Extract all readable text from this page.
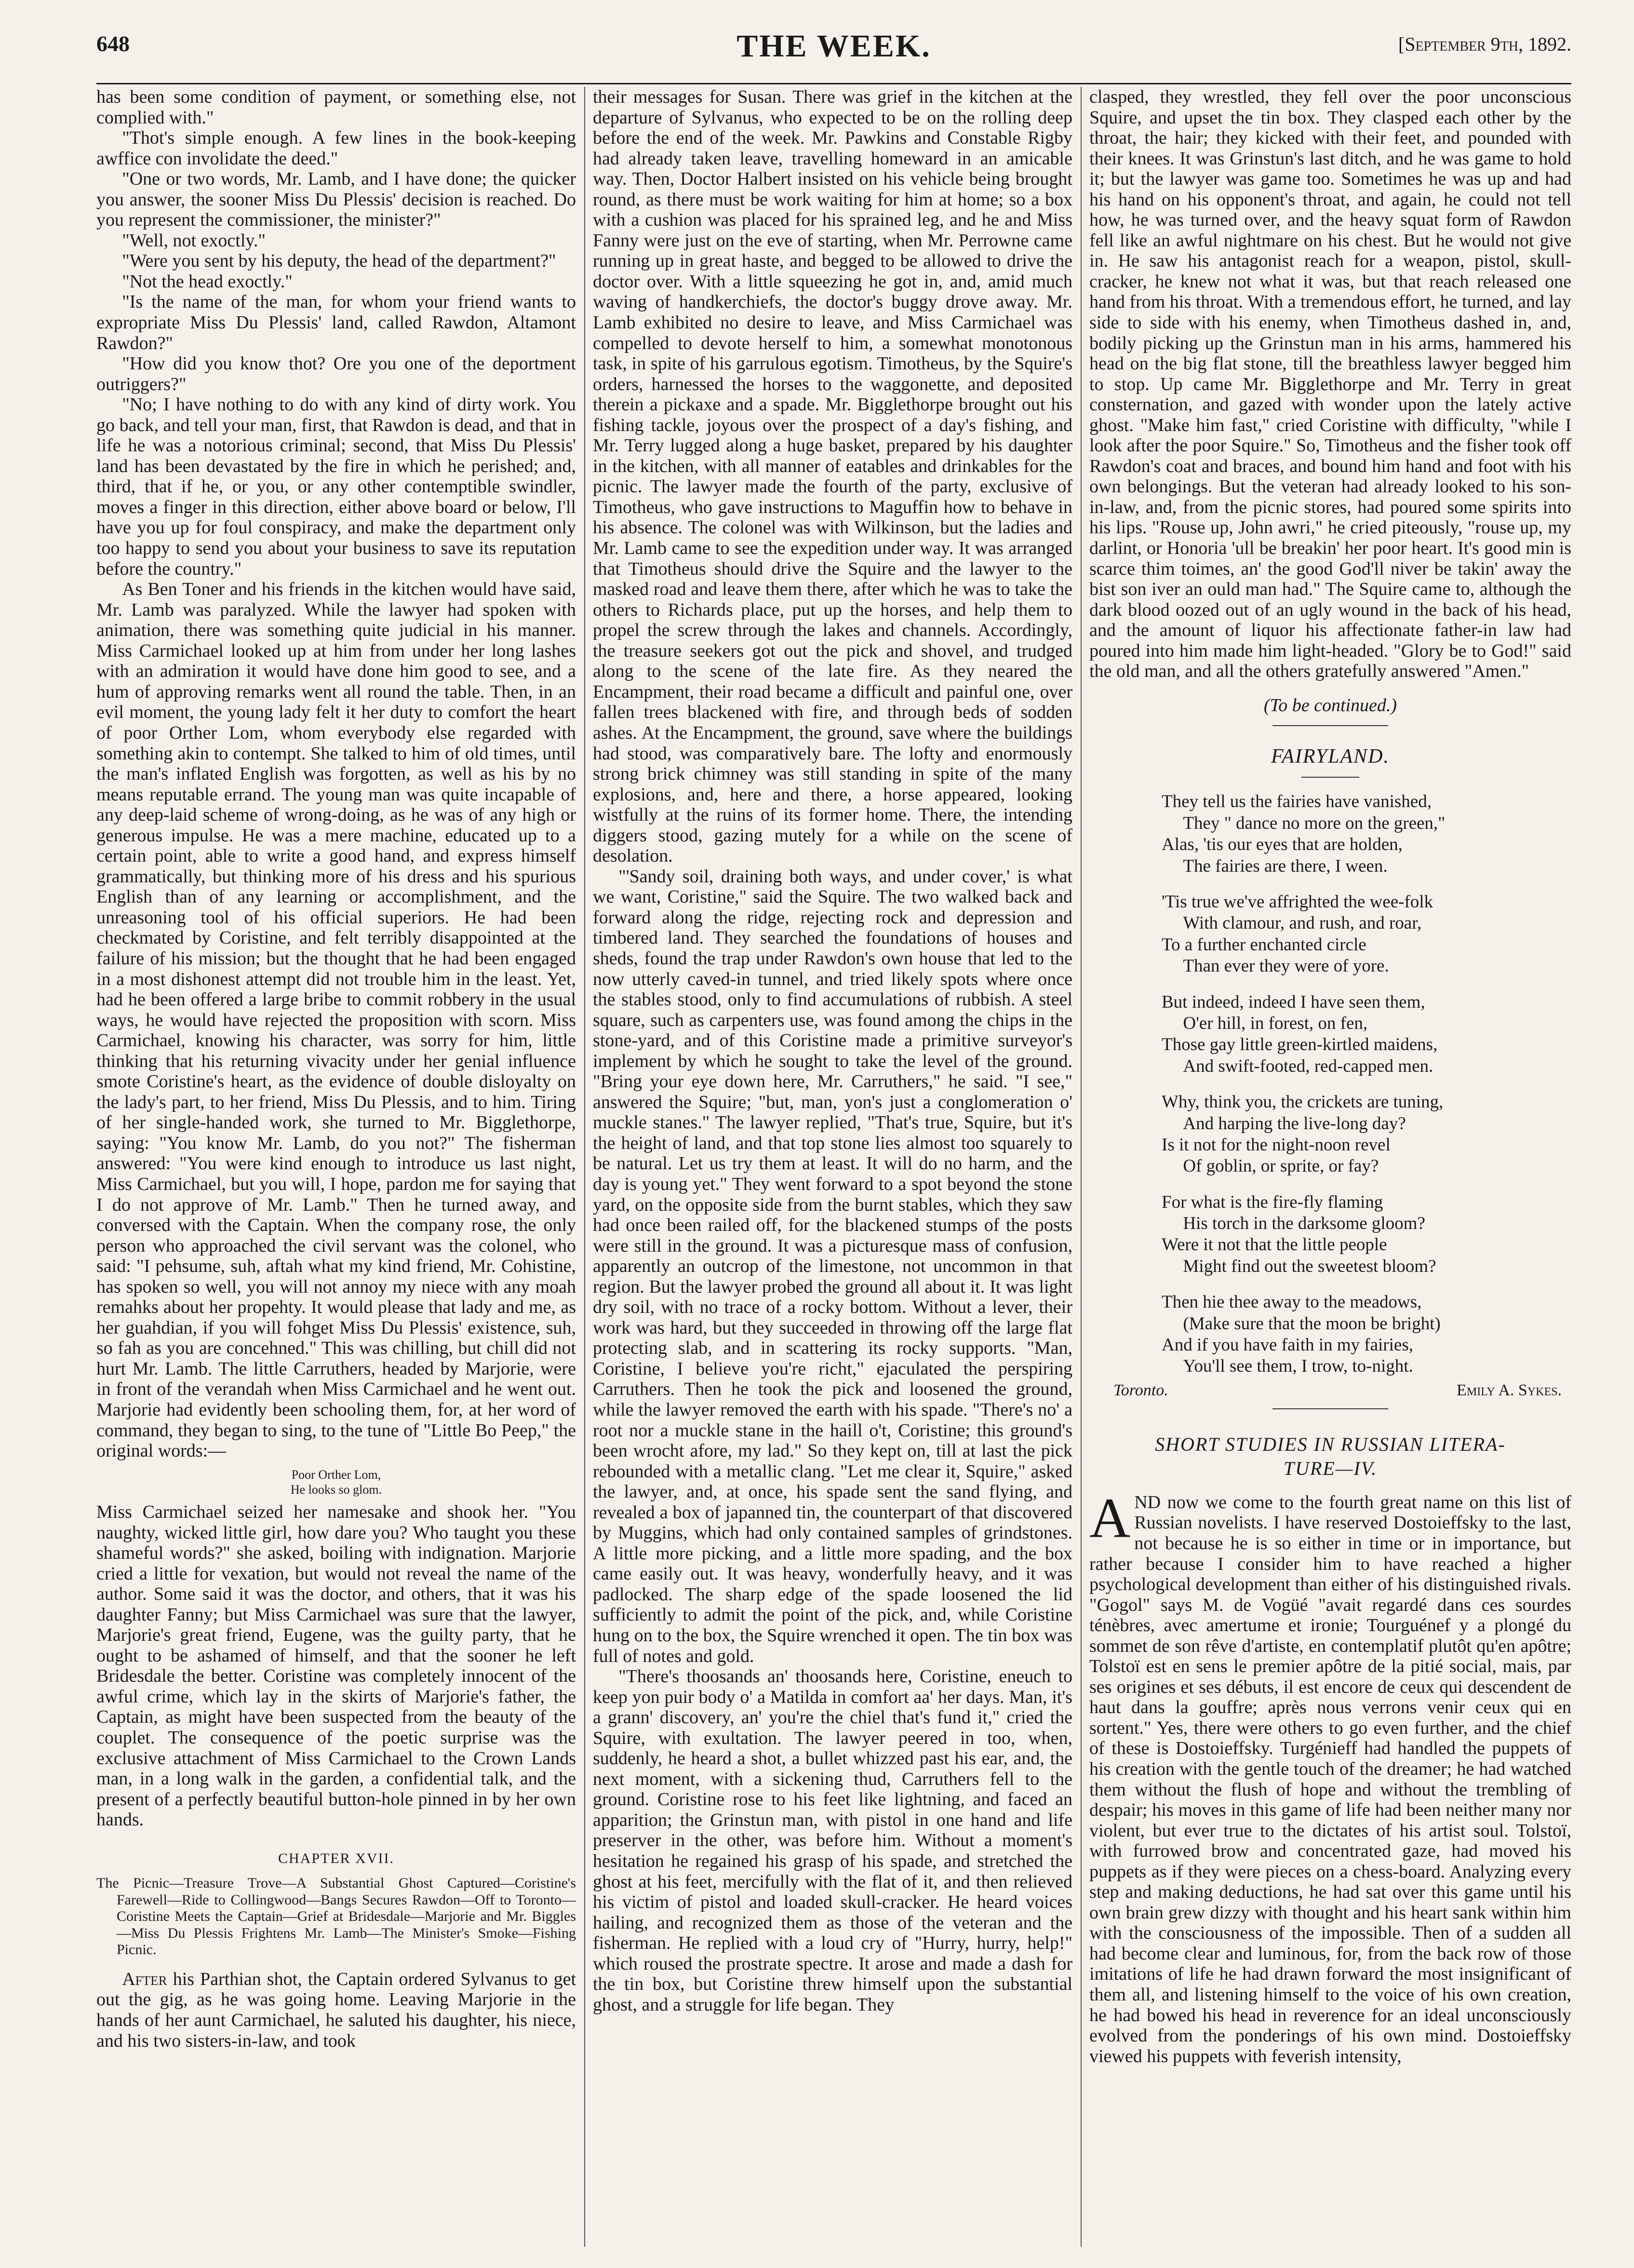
648	THE WEEK.	[September 9th, 1892.

has been some condition of payment, or something else, not complied with."

"Thot's simple enough. A few lines in the book-keeping awffice con involidate the deed."

"One or two words, Mr. Lamb, and I have done; the quicker you answer, the sooner Miss Du Plessis' decision is reached. Do you represent the commissioner, the minister?"

"Well, not exoctly."

"Were you sent by his deputy, the head of the department?"

"Not the head exoctly."

"Is the name of the man, for whom your friend wants to expropriate Miss Du Plessis' land, called Rawdon, Altamont Rawdon?"

"How did you know thot? Ore you one of the deportment outriggers?"

"No; I have nothing to do with any kind of dirty work. You go back, and tell your man, first, that Rawdon is dead, and that in life he was a notorious criminal; second, that Miss Du Plessis' land has been devastated by the fire in which he perished; and, third, that if he, or you, or any other contemptible swindler, moves a finger in this direction, either above board or below, I'll have you up for foul conspiracy, and make the department only too happy to send you about your business to save its reputation before the country."

As Ben Toner and his friends in the kitchen would have said, Mr. Lamb was paralyzed. While the lawyer had spoken with animation, there was something quite judicial in his manner. Miss Carmichael looked up at him from under her long lashes with an admiration it would have done him good to see, and a hum of approving remarks went all round the table. Then, in an evil moment, the young lady felt it her duty to comfort the heart of poor Orther Lom, whom everybody else regarded with something akin to contempt. She talked to him of old times, until the man's inflated English was forgotten, as well as his by no means reputable errand. The young man was quite incapable of any deep-laid scheme of wrong-doing, as he was of any high or generous impulse. He was a mere machine, educated up to a certain point, able to write a good hand, and express himself grammatically, but thinking more of his dress and his spurious English than of any learning or accomplishment, and the unreasoning tool of his official superiors. He had been checkmated by Coristine, and felt terribly disappointed at the failure of his mission; but the thought that he had been engaged in a most dishonest attempt did not trouble him in the least. Yet, had he been offered a large bribe to commit robbery in the usual ways, he would have rejected the proposition with scorn. Miss Carmichael, knowing his character, was sorry for him, little thinking that his returning vivacity under her genial influence smote Coristine's heart, as the evidence of double disloyalty on the lady's part, to her friend, Miss Du Plessis, and to him. Tiring of her single-handed work, she turned to Mr. Bigglethorpe, saying: "You know Mr. Lamb, do you not?" The fisherman answered: "You were kind enough to introduce us last night, Miss Carmichael, but you will, I hope, pardon me for saying that I do not approve of Mr. Lamb." Then he turned away, and conversed with the Captain. When the company rose, the only person who approached the civil servant was the colonel, who said: "I pehsume, suh, aftah what my kind friend, Mr. Cohistine, has spoken so well, you will not annoy my niece with any moah remahks about her propehty. It would please that lady and me, as her guahdian, if you will fohget Miss Du Plessis' existence, suh, so fah as you are concehned." This was chilling, but chill did not hurt Mr. Lamb. The little Carruthers, headed by Marjorie, were in front of the verandah when Miss Carmichael and he went out. Marjorie had evidently been schooling them, for, at her word of command, they began to sing, to the tune of "Little Bo Peep," the original words:—

Poor Orther Lom,
He looks so glom.

Miss Carmichael seized her namesake and shook her. "You naughty, wicked little girl, how dare you? Who taught you these shameful words?" she asked, boiling with indignation. Marjorie cried a little for vexation, but would not reveal the name of the author. Some said it was the doctor, and others, that it was his daughter Fanny; but Miss Carmichael was sure that the lawyer, Marjorie's great friend, Eugene, was the guilty party, that he ought to be ashamed of himself, and that the sooner he left Bridesdale the better. Coristine was completely innocent of the awful crime, which lay in the skirts of Marjorie's father, the Captain, as might have been suspected from the beauty of the couplet. The consequence of the poetic surprise was the exclusive attachment of Miss Carmichael to the Crown Lands man, in a long walk in the garden, a confidential talk, and the present of a perfectly beautiful button-hole pinned in by her own hands.

CHAPTER XVII.
The Picnic—Treasure Trove—A Substantial Ghost Captured—Coristine's Farewell—Ride to Collingwood—Bangs Secures Rawdon—Off to Toronto—Coristine Meets the Captain—Grief at Bridesdale—Marjorie and Mr. Biggles—Miss Du Plessis Frightens Mr. Lamb—The Minister's Smoke—Fishing Picnic.

After his Parthian shot, the Captain ordered Sylvanus to get out the gig, as he was going home. Leaving Marjorie in the hands of her aunt Carmichael, he saluted his daughter, his niece, and his two sisters-in-law, and took

their messages for Susan. There was grief in the kitchen at the departure of Sylvanus, who expected to be on the rolling deep before the end of the week. Mr. Pawkins and Constable Rigby had already taken leave, travelling homeward in an amicable way. Then, Doctor Halbert insisted on his vehicle being brought round, as there must be work waiting for him at home; so a box with a cushion was placed for his sprained leg, and he and Miss Fanny were just on the eve of starting, when Mr. Perrowne came running up in great haste, and begged to be allowed to drive the doctor over. With a little squeezing he got in, and, amid much waving of handkerchiefs, the doctor's buggy drove away. Mr. Lamb exhibited no desire to leave, and Miss Carmichael was compelled to devote herself to him, a somewhat monotonous task, in spite of his garrulous egotism. Timotheus, by the Squire's orders, harnessed the horses to the waggonette, and deposited therein a pickaxe and a spade. Mr. Bigglethorpe brought out his fishing tackle, joyous over the prospect of a day's fishing, and Mr. Terry lugged along a huge basket, prepared by his daughter in the kitchen, with all manner of eatables and drinkables for the picnic. The lawyer made the fourth of the party, exclusive of Timotheus, who gave instructions to Maguffin how to behave in his absence. The colonel was with Wilkinson, but the ladies and Mr. Lamb came to see the expedition under way. It was arranged that Timotheus should drive the Squire and the lawyer to the masked road and leave them there, after which he was to take the others to Richards place, put up the horses, and help them to propel the screw through the lakes and channels. Accordingly, the treasure seekers got out the pick and shovel, and trudged along to the scene of the late fire. As they neared the Encampment, their road became a difficult and painful one, over fallen trees blackened with fire, and through beds of sodden ashes. At the Encampment, the ground, save where the buildings had stood, was comparatively bare. The lofty and enormously strong brick chimney was still standing in spite of the many explosions, and, here and there, a horse appeared, looking wistfully at the ruins of its former home. There, the intending diggers stood, gazing mutely for a while on the scene of desolation.

"'Sandy soil, draining both ways, and under cover,' is what we want, Coristine," said the Squire. The two walked back and forward along the ridge, rejecting rock and depression and timbered land. They searched the foundations of houses and sheds, found the trap under Rawdon's own house that led to the now utterly caved-in tunnel, and tried likely spots where once the stables stood, only to find accumulations of rubbish. A steel square, such as carpenters use, was found among the chips in the stone-yard, and of this Coristine made a primitive surveyor's implement by which he sought to take the level of the ground. "Bring your eye down here, Mr. Carruthers," he said. "I see," answered the Squire; "but, man, yon's just a conglomeration o' muckle stanes." The lawyer replied, "That's true, Squire, but it's the height of land, and that top stone lies almost too squarely to be natural. Let us try them at least. It will do no harm, and the day is young yet." They went forward to a spot beyond the stone yard, on the opposite side from the burnt stables, which they saw had once been railed off, for the blackened stumps of the posts were still in the ground. It was a picturesque mass of confusion, apparently an outcrop of the limestone, not uncommon in that region. But the lawyer probed the ground all about it. It was light dry soil, with no trace of a rocky bottom. Without a lever, their work was hard, but they succeeded in throwing off the large flat protecting slab, and in scattering its rocky supports. "Man, Coristine, I believe you're richt," ejaculated the perspiring Carruthers. Then he took the pick and loosened the ground, while the lawyer removed the earth with his spade. "There's no' a root nor a muckle stane in the haill o't, Coristine; this ground's been wrocht afore, my lad." So they kept on, till at last the pick rebounded with a metallic clang. "Let me clear it, Squire," asked the lawyer, and, at once, his spade sent the sand flying, and revealed a box of japanned tin, the counterpart of that discovered by Muggins, which had only contained samples of grindstones. A little more picking, and a little more spading, and the box came easily out. It was heavy, wonderfully heavy, and it was padlocked. The sharp edge of the spade loosened the lid sufficiently to admit the point of the pick, and, while Coristine hung on to the box, the Squire wrenched it open. The tin box was full of notes and gold.

"There's thoosands an' thoosands here, Coristine, eneuch to keep yon puir body o' a Matilda in comfort aa' her days. Man, it's a grann' discovery, an' you're the chiel that's fund it," cried the Squire, with exultation. The lawyer peered in too, when, suddenly, he heard a shot, a bullet whizzed past his ear, and, the next moment, with a sickening thud, Carruthers fell to the ground. Coristine rose to his feet like lightning, and faced an apparition; the Grinstun man, with pistol in one hand and life preserver in the other, was before him. Without a moment's hesitation he regained his grasp of his spade, and stretched the ghost at his feet, mercifully with the flat of it, and then relieved his victim of pistol and loaded skull-cracker. He heard voices hailing, and recognized them as those of the veteran and the fisherman. He replied with a loud cry of "Hurry, hurry, help!" which roused the prostrate spectre. It arose and made a dash for the tin box, but Coristine threw himself upon the substantial ghost, and a struggle for life began. They

clasped, they wrestled, they fell over the poor unconscious Squire, and upset the tin box. They clasped each other by the throat, the hair; they kicked with their feet, and pounded with their knees. It was Grinstun's last ditch, and he was game to hold it; but the lawyer was game too. Sometimes he was up and had his hand on his opponent's throat, and again, he could not tell how, he was turned over, and the heavy squat form of Rawdon fell like an awful nightmare on his chest. But he would not give in. He saw his antagonist reach for a weapon, pistol, skull-cracker, he knew not what it was, but that reach released one hand from his throat. With a tremendous effort, he turned, and lay side to side with his enemy, when Timotheus dashed in, and, bodily picking up the Grinstun man in his arms, hammered his head on the big flat stone, till the breathless lawyer begged him to stop. Up came Mr. Bigglethorpe and Mr. Terry in great consternation, and gazed with wonder upon the lately active ghost. "Make him fast," cried Coristine with difficulty, "while I look after the poor Squire." So, Timotheus and the fisher took off Rawdon's coat and braces, and bound him hand and foot with his own belongings. But the veteran had already looked to his son-in-law, and, from the picnic stores, had poured some spirits into his lips. "Rouse up, John awri," he cried piteously, "rouse up, my darlint, or Honoria 'ull be breakin' her poor heart. It's good min is scarce thim toimes, an' the good God'll niver be takin' away the bist son iver an ould man had." The Squire came to, although the dark blood oozed out of an ugly wound in the back of his head, and the amount of liquor his affectionate father-in law had poured into him made him light-headed. "Glory be to God!" said the old man, and all the others gratefully answered "Amen."

(To be continued.)
FAIRYLAND.
They tell us the fairies have vanished,
They " dance no more on the green,"
Alas, 'tis our eyes that are holden,
The fairies are there, I ween.
'Tis true we've affrighted the wee-folk
With clamour, and rush, and roar,
To a further enchanted circle
Than ever they were of yore.
But indeed, indeed I have seen them,
O'er hill, in forest, on fen,
Those gay little green-kirtled maidens,
And swift-footed, red-capped men.
Why, think you, the crickets are tuning,
And harping the live-long day?
Is it not for the night-noon revel
Of goblin, or sprite, or fay?
For what is the fire-fly flaming
His torch in the darksome gloom?
Were it not that the little people
Might find out the sweetest bloom?
Then hie thee away to the meadows,
(Make sure that the moon be bright)
And if you have faith in my fairies,
You'll see them, I trow, to-night.
Toronto.	Emily A. Sykes.
SHORT STUDIES IN RUSSIAN LITERA-
TURE—IV.

AND now we come to the fourth great name on this list of Russian novelists. I have reserved Dostoieffsky to the last, not because he is so either in time or in importance, but rather because I consider him to have reached a higher psychological development than either of his distinguished rivals. "Gogol" says M. de Vogüé "avait regardé dans ces sourdes ténèbres, avec amertume et ironie; Tourguénef y a plongé du sommet de son rêve d'artiste, en contemplatif plutôt qu'en apôtre; Tolstoï est en sens le premier apôtre de la pitié social, mais, par ses origines et ses débuts, il est encore de ceux qui descendent de haut dans la gouffre; après nous verrons venir ceux qui en sortent." Yes, there were others to go even further, and the chief of these is Dostoieffsky. Turgénieff had handled the puppets of his creation with the gentle touch of the dreamer; he had watched them without the flush of hope and without the trembling of despair; his moves in this game of life had been neither many nor violent, but ever true to the dictates of his artist soul. Tolstoï, with furrowed brow and concentrated gaze, had moved his puppets as if they were pieces on a chess-board. Analyzing every step and making deductions, he had sat over this game until his own brain grew dizzy with thought and his heart sank within him with the consciousness of the impossible. Then of a sudden all had become clear and luminous, for, from the back row of those imitations of life he had drawn forward the most insignificant of them all, and listening himself to the voice of his own creation, he had bowed his head in reverence for an ideal unconsciously evolved from the ponderings of his own mind. Dostoieffsky viewed his puppets with feverish intensity,
